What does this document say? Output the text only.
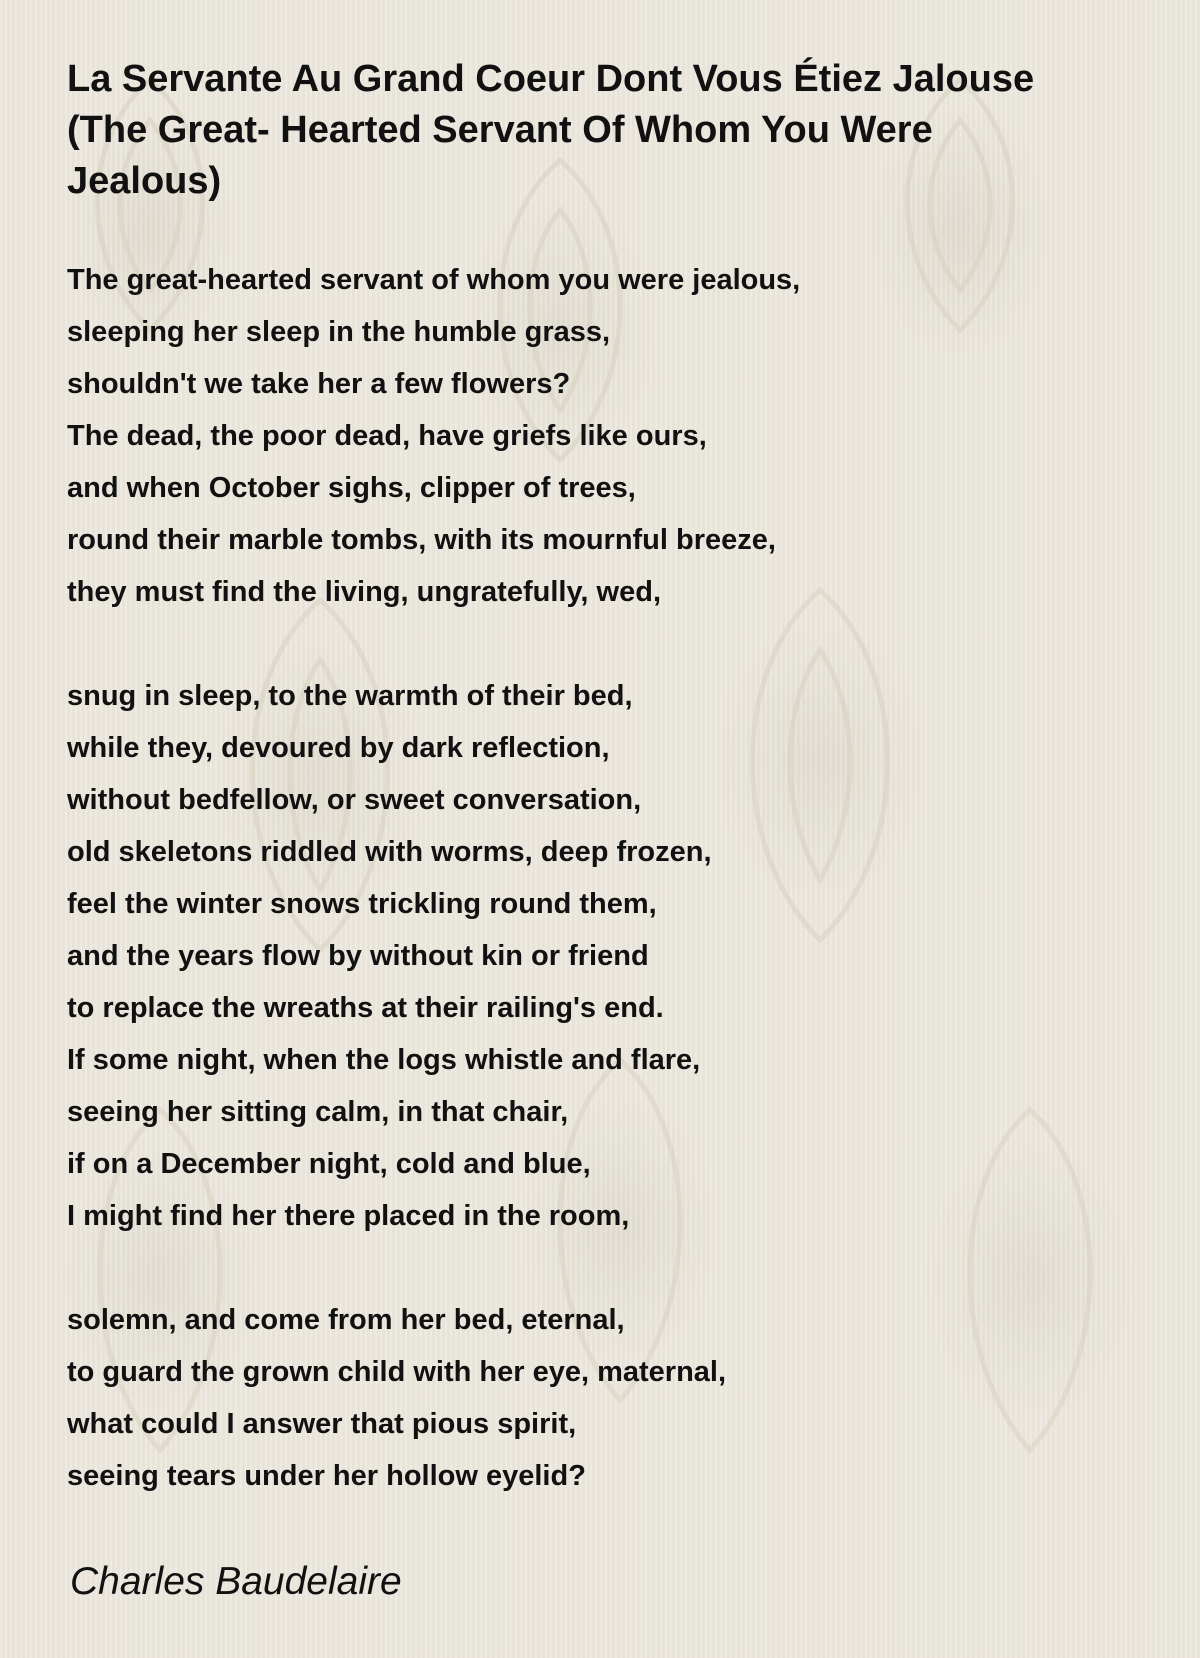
La Servante Au Grand Coeur Dont Vous Étiez Jalouse (The Great- Hearted Servant Of Whom You Were Jealous)
The great-hearted servant of whom you were jealous,
sleeping her sleep in the humble grass,
shouldn't we take her a few flowers?
The dead, the poor dead, have griefs like ours,
and when October sighs, clipper of trees,
round their marble tombs, with its mournful breeze,
they must find the living, ungratefully, wed,
snug in sleep, to the warmth of their bed,
while they, devoured by dark reflection,
without bedfellow, or sweet conversation,
old skeletons riddled with worms, deep frozen,
feel the winter snows trickling round them,
and the years flow by without kin or friend
to replace the wreaths at their railing's end.
If some night, when the logs whistle and flare,
seeing her sitting calm, in that chair,
if on a December night, cold and blue,
I might find her there placed in the room,
solemn, and come from her bed, eternal,
to guard the grown child with her eye, maternal,
what could I answer that pious spirit,
seeing tears under her hollow eyelid?
Charles Baudelaire
